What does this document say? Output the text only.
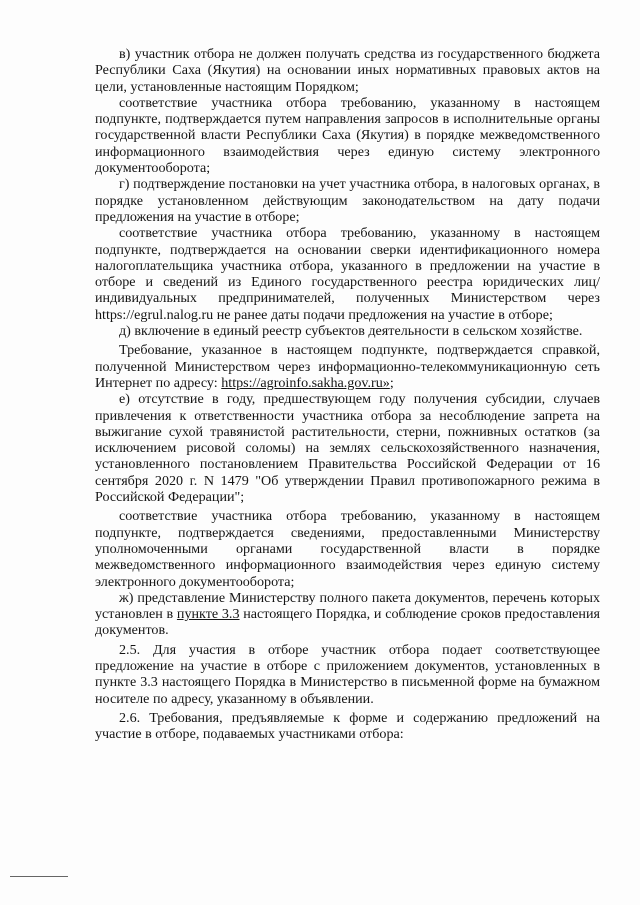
в) участник отбора не должен получать средства из государственного бюджета Республики Саха (Якутия) на основании иных нормативных правовых актов на цели, установленные настоящим Порядком;

соответствие участника отбора требованию, указанному в настоящем подпункте, подтверждается путем направления запросов в исполнительные органы государственной власти Республики Саха (Якутия) в порядке межведомственного информационного взаимодействия через единую систему электронного документооборота;

г) подтверждение постановки на учет участника отбора, в налоговых органах, в порядке установленном действующим законодательством на дату подачи предложения на участие в отборе;

соответствие участника отбора требованию, указанному в настоящем подпункте, подтверждается на основании сверки идентификационного номера налогоплательщика участника отбора, указанного в предложении на участие в отборе и сведений из Единого государственного реестра юридических лиц/индивидуальных предпринимателей, полученных Министерством через https://egrul.nalog.ru не ранее даты подачи предложения на участие в отборе;

д) включение в единый реестр субъектов деятельности в сельском хозяйстве.

Требование, указанное в настоящем подпункте, подтверждается справкой, полученной Министерством через информационно-телекоммуникационную сеть Интернет по адресу: https://agroinfo.sakha.gov.ru»;

е) отсутствие в году, предшествующем году получения субсидии, случаев привлечения к ответственности участника отбора за несоблюдение запрета на выжигание сухой травянистой растительности, стерни, пожнивных остатков (за исключением рисовой соломы) на землях сельскохозяйственного назначения, установленного постановлением Правительства Российской Федерации от 16 сентября 2020 г. N 1479 "Об утверждении Правил противопожарного режима в Российской Федерации";

соответствие участника отбора требованию, указанному в настоящем подпункте, подтверждается сведениями, предоставленными Министерству уполномоченными органами государственной власти в порядке межведомственного информационного взаимодействия через единую систему электронного документооборота;

ж) представление Министерству полного пакета документов, перечень которых установлен в пункте 3.3 настоящего Порядка, и соблюдение сроков предоставления документов.

2.5. Для участия в отборе участник отбора подает соответствующее предложение на участие в отборе с приложением документов, установленных в пункте 3.3 настоящего Порядка в Министерство в письменной форме на бумажном носителе по адресу, указанному в объявлении.

2.6. Требования, предъявляемые к форме и содержанию предложений на участие в отборе, подаваемых участниками отбора:
